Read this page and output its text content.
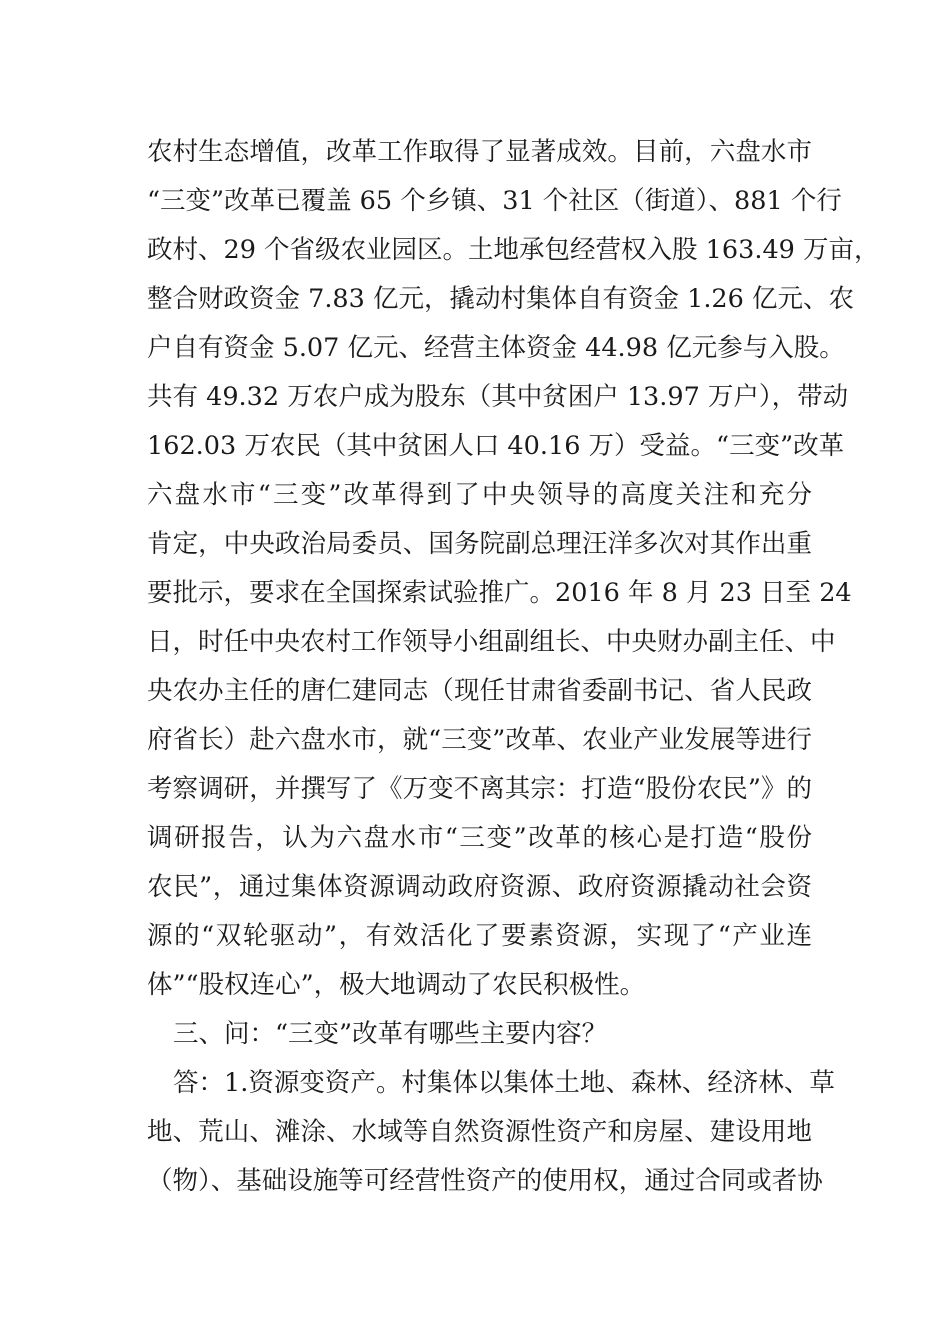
农村生态增值，改革工作取得了显著成效。目前，六盘水市
“三变”改革已覆盖 65 个乡镇、31 个社区（街道）、881 个行
政村、29 个省级农业园区。土地承包经营权入股 163.49 万亩，
整合财政资金 7.83 亿元，撬动村集体自有资金 1.26 亿元、农
户自有资金 5.07 亿元、经营主体资金 44.98 亿元参与入股。
共有 49.32 万农户成为股东（其中贫困户 13.97 万户），带动
162.03 万农民（其中贫困人口 40.16 万）受益。“三变”改革
六盘水市“三变”改革得到了中央领导的高度关注和充分
肯定，中央政治局委员、国务院副总理汪洋多次对其作出重
要批示，要求在全国探索试验推广。2016 年 8 月 23 日至 24
日，时任中央农村工作领导小组副组长、中央财办副主任、中
央农办主任的唐仁建同志（现任甘肃省委副书记、省人民政
府省长）赴六盘水市，就“三变”改革、农业产业发展等进行
考察调研，并撰写了《万变不离其宗：打造“股份农民”》的
调研报告，认为六盘水市“三变”改革的核心是打造“股份
农民”，通过集体资源调动政府资源、政府资源撬动社会资
源的“双轮驱动”，有效活化了要素资源，实现了“产业连
体”“股权连心”，极大地调动了农民积极性。
三、问：“三变”改革有哪些主要内容？
答：1.资源变资产。村集体以集体土地、森林、经济林、草
地、荒山、滩涂、水域等自然资源性资产和房屋、建设用地
（物）、基础设施等可经营性资产的使用权，通过合同或者协
